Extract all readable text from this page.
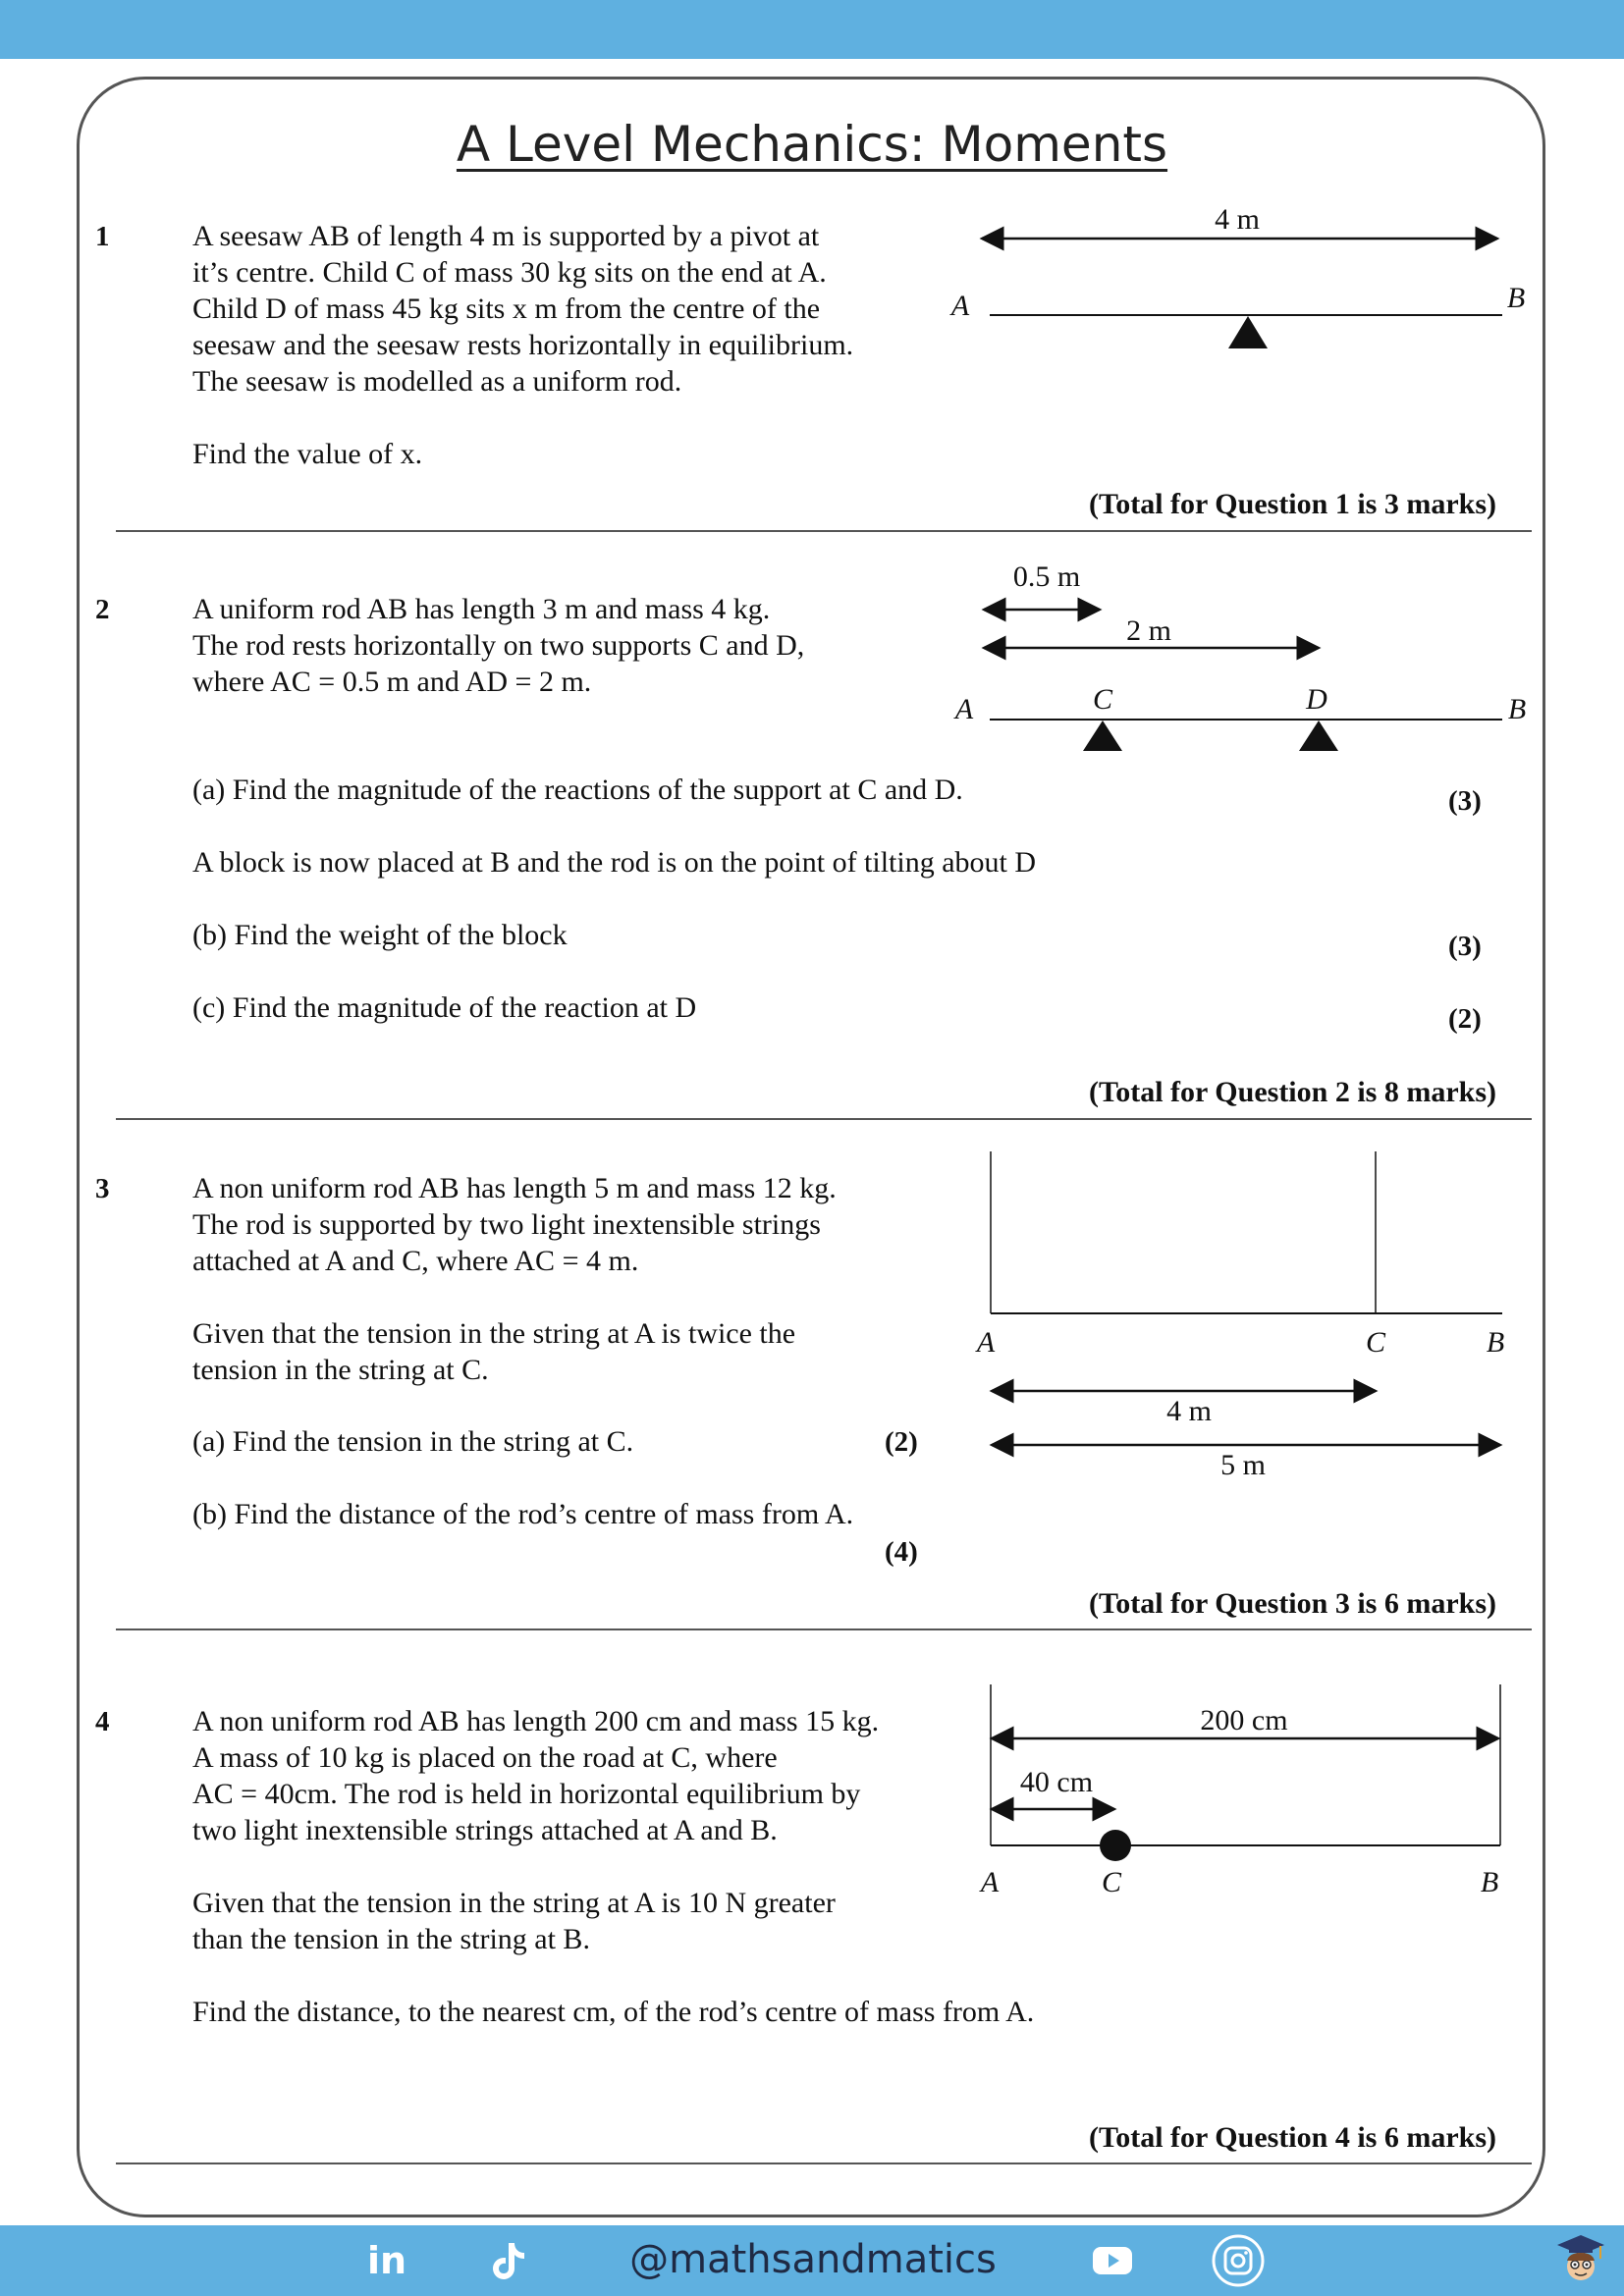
A Level Mechanics: Moments
1	A seesaw AB of length 4 m is supported by a pivot at
it’s centre. Child C of mass 30 kg sits on the end at A.
Child D of mass 45 kg sits x m from the centre of the
seesaw and the seesaw rests horizontally in equilibrium.
The seesaw is modelled as a uniform rod.
Find the value of x.
(Total for Question 1 is 3 marks)
4 m
A	B
2	A uniform rod AB has length 3 m and mass 4 kg.
The rod rests horizontally on two supports C and D,
where AC = 0.5 m and AD = 2 m.
(a) Find the magnitude of the reactions of the support at C and D.	(3)
A block is now placed at B and the rod is on the point of tilting about D
(b) Find the weight of the block	(3)
(c) Find the magnitude of the reaction at D	(2)
(Total for Question 2 is 8 marks)
0.5 m
2 m
A	B
C	D
3	A non uniform rod AB has length 5 m and mass 12 kg.
The rod is supported by two light inextensible strings
attached at A and C, where AC = 4 m.
Given that the tension in the string at A is twice the
tension in the string at C.
(a) Find the tension in the string at C.	(2)
(b) Find the distance of the rod’s centre of mass from A.
(4)
(Total for Question 3 is 6 marks)
A	C	B
4 m
5 m
4	A non uniform rod AB has length 200 cm and mass 15 kg.
A mass of 10 kg is placed on the road at C, where
AC = 40cm. The rod is held in horizontal equilibrium by
two light inextensible strings attached at A and B.
Given that the tension in the string at A is 10 N greater
than the tension in the string at B.
Find the distance, to the nearest cm, of the rod’s centre of mass from A.
(Total for Question 4 is 6 marks)
200 cm
40 cm
A	C	B
in	@mathsandmatics
